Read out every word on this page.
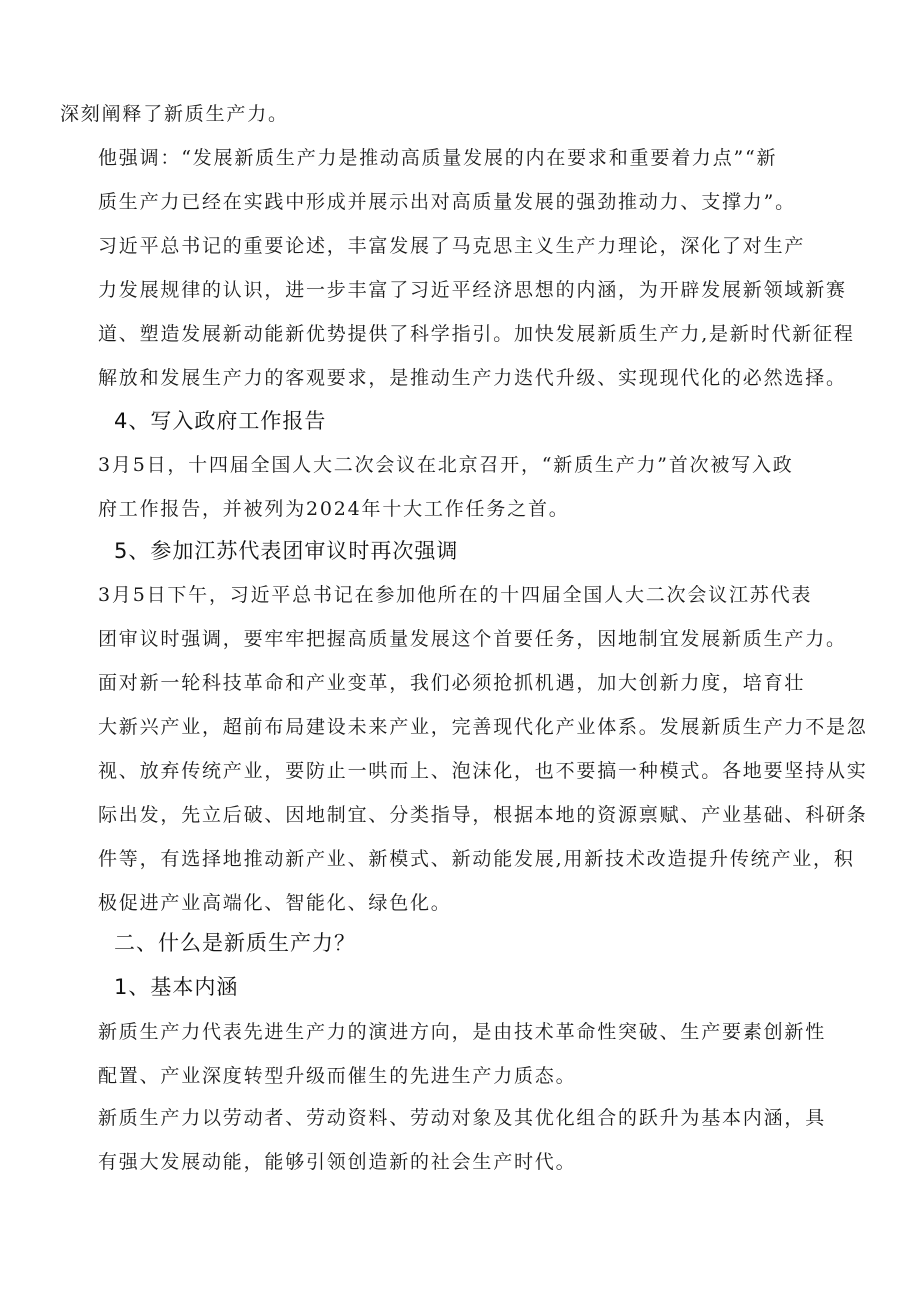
深刻阐释了新质生产力。
他强调：“发展新质生产力是推动高质量发展的内在要求和重要着力点”“新
质生产力已经在实践中形成并展示出对高质量发展的强劲推动力、支撑力”。
习近平总书记的重要论述，丰富发展了马克思主义生产力理论，深化了对生产
力发展规律的认识，进一步丰富了习近平经济思想的内涵，为开辟发展新领域新赛
道、塑造发展新动能新优势提供了科学指引。加快发展新质生产力,是新时代新征程
解放和发展生产力的客观要求，是推动生产力迭代升级、实现现代化的必然选择。
4、写入政府工作报告
3月5日，十四届全国人大二次会议在北京召开，“新质生产力”首次被写入政
府工作报告，并被列为2024年十大工作任务之首。
5、参加江苏代表团审议时再次强调
3月5日下午，习近平总书记在参加他所在的十四届全国人大二次会议江苏代表
团审议时强调，要牢牢把握高质量发展这个首要任务，因地制宜发展新质生产力。
面对新一轮科技革命和产业变革，我们必须抢抓机遇，加大创新力度，培育壮
大新兴产业，超前布局建设未来产业，完善现代化产业体系。发展新质生产力不是忽
视、放弃传统产业，要防止一哄而上、泡沫化，也不要搞一种模式。各地要坚持从实
际出发，先立后破、因地制宜、分类指导，根据本地的资源禀赋、产业基础、科研条
件等，有选择地推动新产业、新模式、新动能发展,用新技术改造提升传统产业，积
极促进产业高端化、智能化、绿色化。
二、什么是新质生产力？
1、基本内涵
新质生产力代表先进生产力的演进方向，是由技术革命性突破、生产要素创新性
配置、产业深度转型升级而催生的先进生产力质态。
新质生产力以劳动者、劳动资料、劳动对象及其优化组合的跃升为基本内涵，具
有强大发展动能，能够引领创造新的社会生产时代。
